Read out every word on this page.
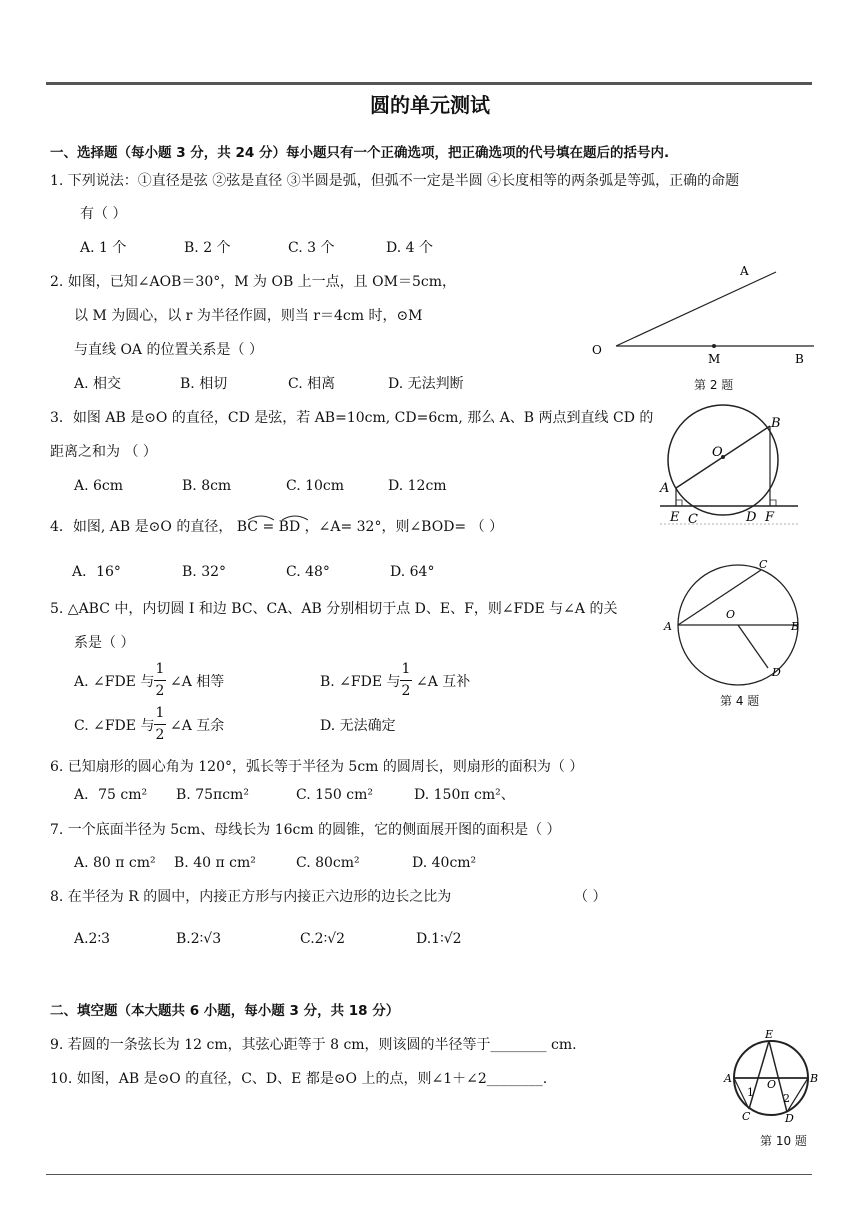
圆的单元测试
一、选择题（每小题 3 分，共 24 分）每小题只有一个正确选项，把正确选项的代号填在题后的括号内.
1. 下列说法：①直径是弦 ②弦是直径 ③半圆是弧，但弧不一定是半圆 ④长度相等的两条弧是等弧，正确的命题
有（ ）
A. 1 个	B. 2 个	C. 3 个	D. 4 个
2. 如图，已知∠AOB＝30°，M 为 OB 上一点，且 OM＝5cm，
以 M 为圆心，以 r 为半径作圆，则当 r＝4cm 时，⊙M
与直线 OA 的位置关系是（ ）
A. 相交	B. 相切	C. 相离	D. 无法判断
A
O
M	B
第 2 题
3．如图 AB 是⊙O 的直径，CD 是弦，若 AB=10cm, CD=6cm, 那么 A、B 两点到直线 CD 的
距离之和为 （ ）
A. 6cm	B. 8cm	C. 10cm	D. 12cm
O
B
A
E C	D F
4．如图, AB 是⊙O 的直径， BC = BD ，∠A= 32°，则∠BOD= （ ）
A．16°	B. 32°	C. 48°	D. 64°
A	B
C
D
O
第 4 题
5. △ABC 中，内切圆 I 和边 BC、CA、AB 分别相切于点 D、E、F，则∠FDE 与∠A 的关
系是（ ）
A. ∠FDE 与
1
2
∠A 相等	B. ∠FDE 与
1
2
∠A 互补
C. ∠FDE 与
1
2
∠A 互余	D. 无法确定
6. 已知扇形的圆心角为 120°，弧长等于半径为 5cm 的圆周长，则扇形的面积为（ ）
A．75 cm² B. 75πcm²	C. 150 cm²	D. 150π cm²、
7. 一个底面半径为 5cm、母线长为 16cm 的圆锥，它的侧面展开图的面积是（ ）
A. 80 π cm² B. 40 π cm²	C. 80cm²	D. 40cm²
8. 在半径为 R 的圆中，内接正方形与内接正六边形的边长之比为	（ ）
A.2∶3	B.2∶√3	C.2∶√2	D.1∶√2
二、填空题（本大题共 6 小题，每小题 3 分，共 18 分）
9. 若圆的一条弦长为 12 cm，其弦心距等于 8 cm，则该圆的半径等于________ cm.
10. 如图，AB 是⊙O 的直径，C、D、E 都是⊙O 上的点，则∠1＋∠2________.
E
A	B
O
C	D
1	2
第 10 题
